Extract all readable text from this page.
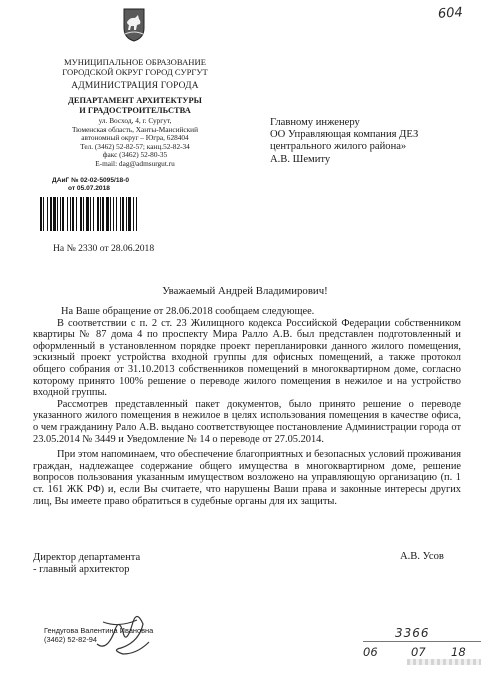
604
МУНИЦИПАЛЬНОЕ ОБРАЗОВАНИЕ
ГОРОДСКОЙ ОКРУГ ГОРОД СУРГУТ
АДМИНИСТРАЦИЯ ГОРОДА
ДЕПАРТАМЕНТ АРХИТЕКТУРЫ
И ГРАДОСТРОИТЕЛЬСТВА
ул. Восход, 4, г. Сургут,
Тюменская область, Ханты-Мансийский
автономный округ – Югра, 628404
Тел. (3462) 52-82-57; канц.52-82-34
факс (3462) 52-80-35
E-mail: dag@admsurgut.ru
ДАиГ № 02-02-5095/18-0
от 05.07.2018
На № 2330 от 28.06.2018
Главному инженеру
ОО Управляющая компания ДЕЗ
центрального жилого района»
А.В. Шемиту
Уважаемый Андрей Владимирович!

На Ваше обращение от 28.06.2018 сообщаем следующее.

В соответствии с п. 2 ст. 23 Жилищного кодекса Российской Федерации собственником квартиры № 87 дома 4 по проспекту Мира Ралло А.В. был представлен подготовленный и оформленный в установленном порядке проект перепланировки данного жилого помещения, эскизный проект устройства входной группы для офисных помещений, а также протокол общего собрания от 31.10.2013 собственников помещений в многоквартирном доме, согласно которому принято 100% решение о переводе жилого помещения в нежилое и на устройство входной группы.

Рассмотрев представленный пакет документов, было принято решение о переводе указанного жилого помещения в нежилое в целях использования помещения в качестве офиса, о чем гражданину Рало А.В. выдано соответствующее постановление Администрации города от 23.05.2014 № 3449 и Уведомление № 14 о переводе от 27.05.2014.

При этом напоминаем, что обеспечение благоприятных и безопасных условий проживания граждан, надлежащее содержание общего имущества в многоквартирном доме, решение вопросов пользования указанным имуществом возложено на управляющую организацию (п. 1 ст. 161 ЖК РФ) и, если Вы считаете, что нарушены Ваши права и законные интересы других лиц, Вы имеете право обратиться в судебные органы для их защиты.

Директор департамента
- главный архитектор
А.В. Усов
Гендугова Валентина Ивановна
(3462) 52-82-94	3366
06	07 18
